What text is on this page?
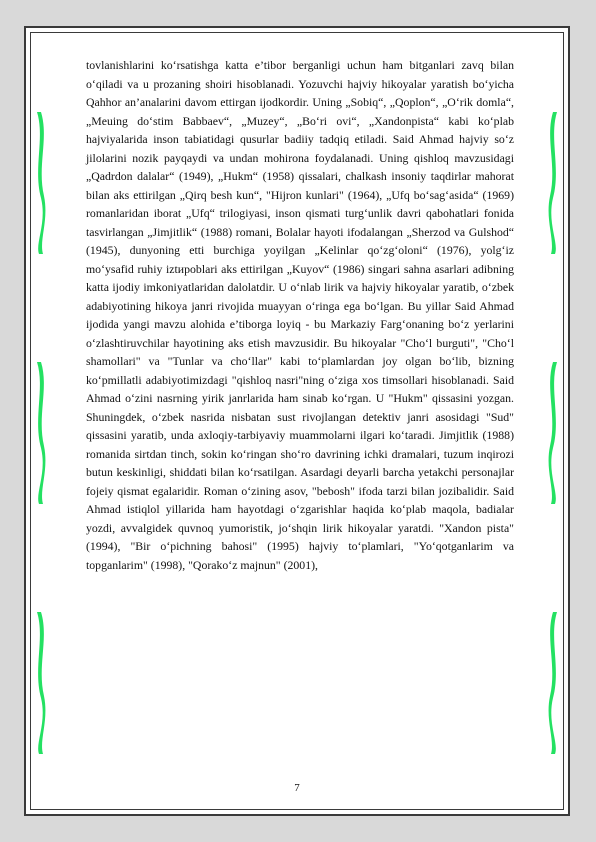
tovlanishlarini ko‘rsatishga katta e’tibor berganligi uchun ham bitganlari zavq bilan o‘qiladi va u prozaning shoiri hisoblanadi. Yozuvchi hajviy hikoyalar yaratish bo‘yicha Qahhor an’analarini davom ettirgan ijodkordir. Uning „Sobiq“, „Qoplon“, „O‘rik domla“, „Meuing do‘stim Babbaev“, „Muzey“, „Bo‘ri ovi“, „Xandonpista“ kabi ko‘plab hajviyalarida inson tabiatidagi qusurlar badiiy tadqiq etiladi. Said Ahmad hajviy so‘z jilolarini nozik payqaydi va undan mohirona foydalanadi. Uning qishloq mavzusidagi „Qadrdon dalalar“ (1949), „Hukm“ (1958) qissalari, chalkash insoniy taqdirlar mahorat bilan aks ettirilgan „Qirq besh kun“, "Hijron kunlari" (1964), „Ufq bo‘sag‘asida“ (1969) romanlaridan iborat „Ufq“ trilogiyasi, inson qismati turg‘unlik davri qabohatlari fonida tasvirlangan „Jimjitlik“ (1988) romani, Bolalar hayoti ifodalangan „Sherzod va Gulshod“ (1945), dunyoning etti burchiga yoyilgan „Kelinlar qo‘zg‘oloni“ (1976), yolg‘iz mo‘ysafid ruhiy iztироblari aks ettirilgan „Kuyov“ (1986) singari sahna asarlari adibning katta ijodiy imkoniyatlaridan dalolatdir. U o‘nlab lirik va hajviy hikoyalar yaratib, o‘zbek adabiyotining hikoya janri rivojida muayyan o‘ringa ega bo‘lgan. Bu yillar Said Ahmad ijodida yangi mavzu alohida e’tiborga loyiq - bu Markaziy Farg‘onaning bo‘z yerlarini o‘zlashtiruvchilar hayotining aks etish mavzusidir. Bu hikoyalar "Cho‘l burguti", "Cho‘l shamollari" va "Tunlar va cho‘llar" kabi to‘plamlardan joy olgan bo‘lib, bizning ko‘pmillatli adabiyotimizdagi "qishloq nasri"ning o‘ziga xos timsollari hisoblanadi. Said Ahmad o‘zini nasrning yirik janrlarida ham sinab ko‘rgan. U "Hukm" qissasini yozgan. Shuningdek, o‘zbek nasrida nisbatan sust rivojlangan detektiv janri asosidagi "Sud" qissasini yaratib, unda axloqiy-tarbiyaviy muammolarni ilgari ko‘taradi. Jimjitlik (1988) romanida sirtdan tinch, sokin ko‘ringan sho‘ro davrining ichki dramalari, tuzum inqirozi butun keskinligi, shiddati bilan ko‘rsatilgan. Asardagi deyarli barcha yetakchi personajlar fojeiy qismat egalaridir. Roman o‘zining asov, "bebosh" ifoda tarzi bilan jozibalidir. Said Ahmad istiqlol yillarida ham hayotdagi o‘zgarishlar haqida ko‘plab maqola, badialar yozdi, avvalgidek quvnoq yumoristik, jo‘shqin lirik hikoyalar yaratdi. "Xandon pista" (1994), "Bir o‘pichning bahosi" (1995) hajviy to‘plamlari, "Yo‘qotganlarim va topganlarim" (1998), "Qorako‘z majnun" (2001),

7
